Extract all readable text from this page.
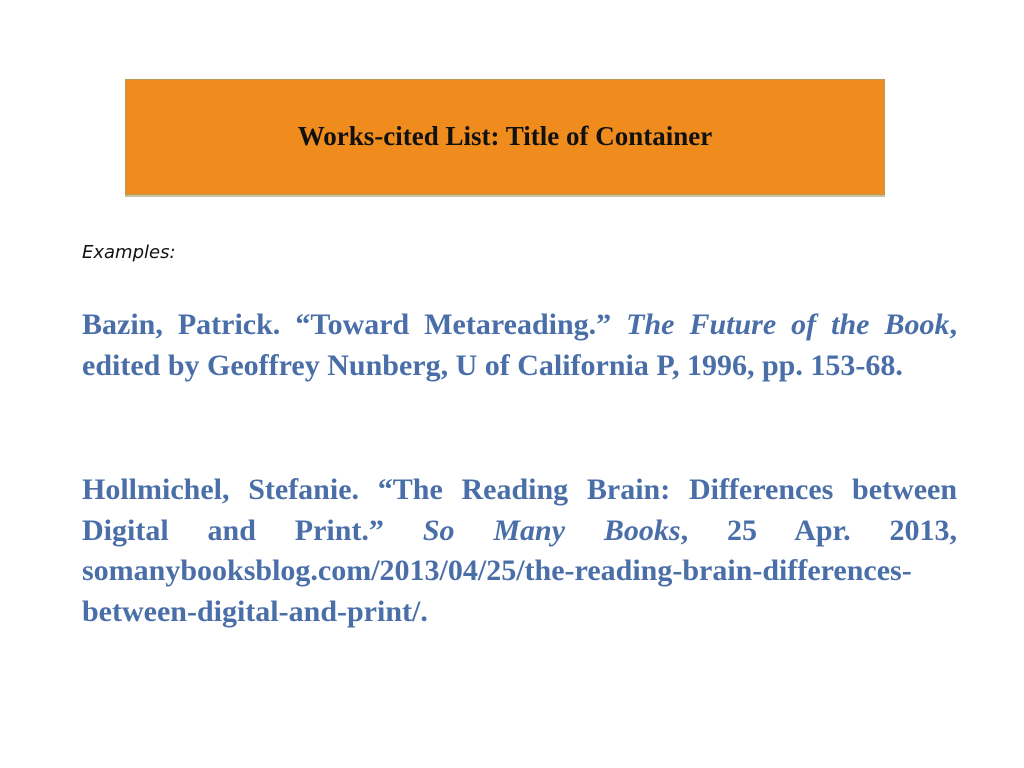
Works-cited List: Title of Container
Examples:

Bazin, Patrick. “Toward Metareading.” The Future of the Book, edited by Geoffrey Nunberg, U of California P, 1996, pp. 153-68.

Hollmichel, Stefanie. “The Reading Brain: Differences between Digital and Print.” So Many Books, 25 Apr. 2013, somanybooksblog.com/2013/04/25/the-reading-brain-differences-between-digital-and-print/.
